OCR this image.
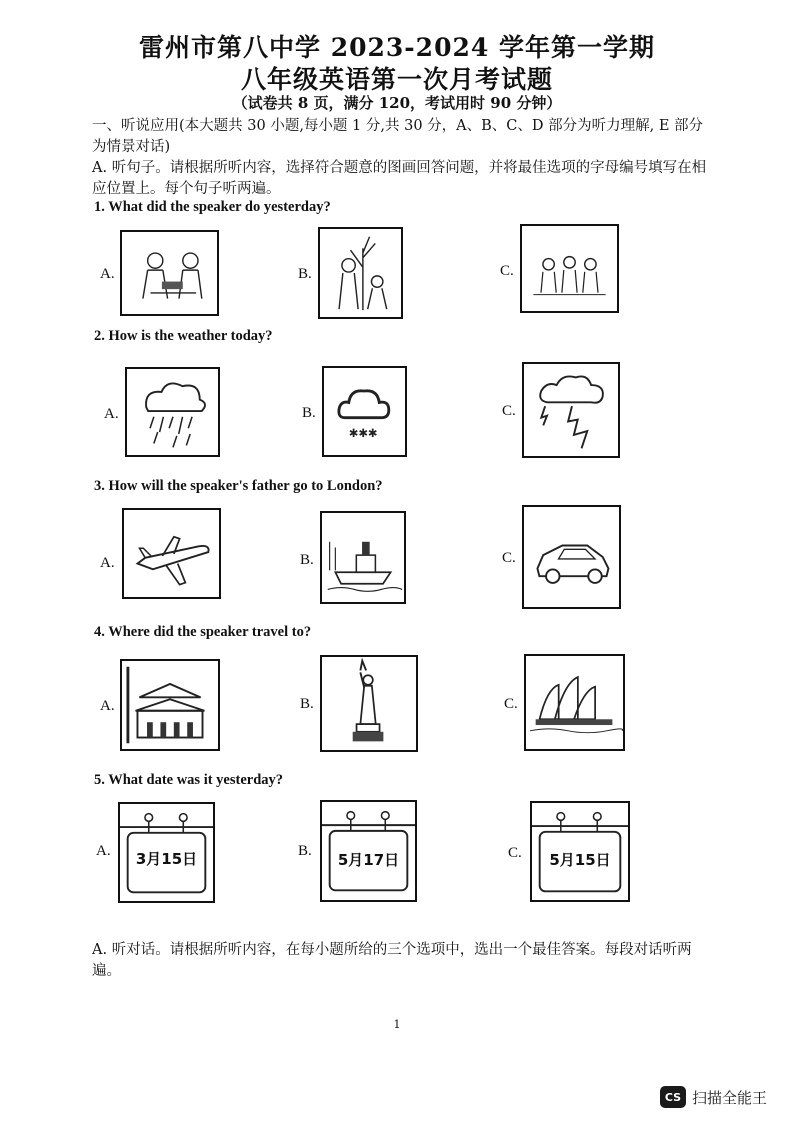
雷州市第八中学 2023-2024 学年第一学期
八年级英语第一次月考试题
（试卷共 8 页，满分 120，考试用时 90 分钟）
一、听说应用(本大题共 30 小题,每小题 1 分,共 30 分，A、B、C、D 部分为听力理解, E 部分为情景对话)
A. 听句子。请根据所听内容，选择符合题意的图画回答问题，并将最佳选项的字母编号填写在相应位置上。每个句子听两遍。
1. What did the speaker do yesterday?
A.	B.	C.
2. How is the weather today?
A.	B.
✱✱✱
C.
3. How will the speaker's father go to London?
A.	B.	C.
4. Where did the speaker travel to?
A.	B.	C.
5. What date was it yesterday?
A.	3月15日	B.	5月17日	C.	5月15日
A. 听对话。请根据所听内容，在每小题所给的三个选项中，选出一个最佳答案。每段对话听两遍。
1
CS 扫描全能王
